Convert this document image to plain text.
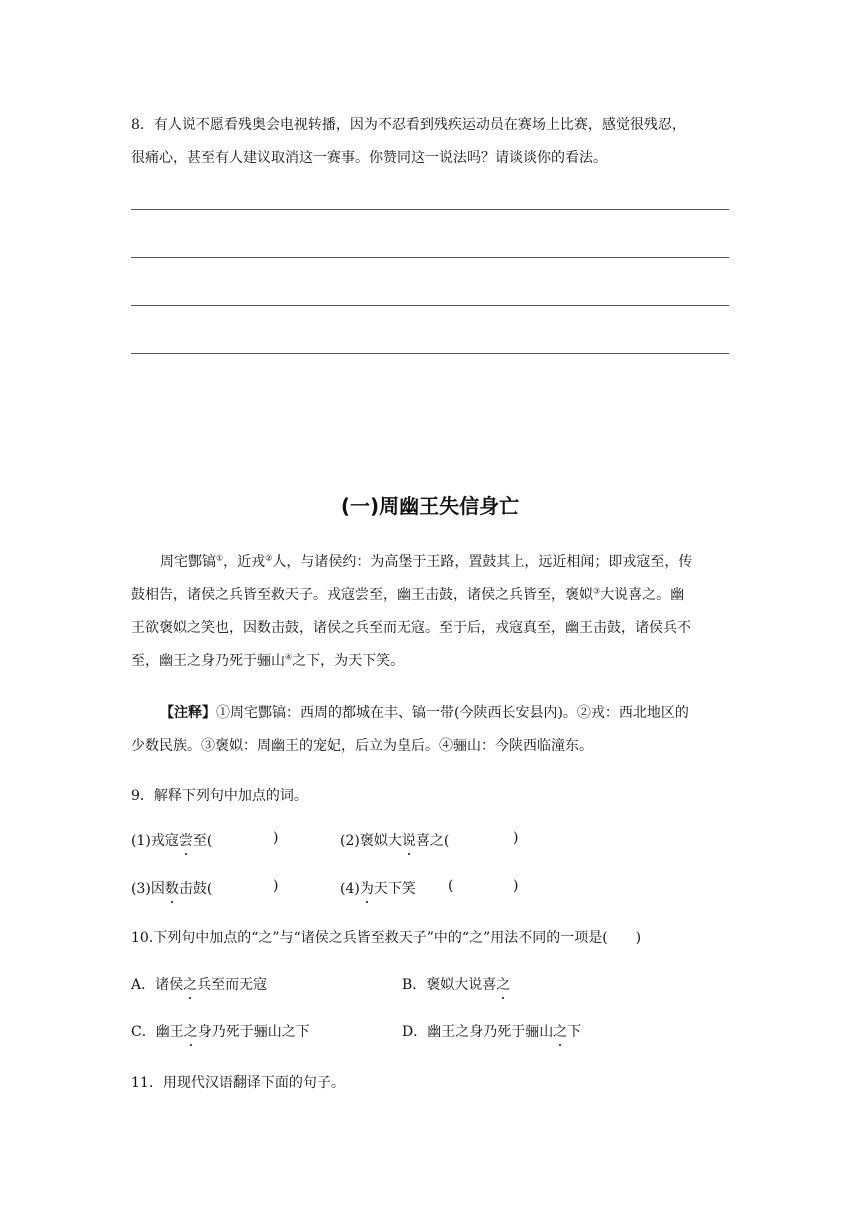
8．有人说不愿看残奥会电视转播，因为不忍看到残疾运动员在赛场上比赛，感觉很残忍，
很痛心，甚至有人建议取消这一赛事。你赞同这一说法吗？请谈谈你的看法。
(一)周幽王失信身亡
周宅酆镐①，近戎②人，与诸侯约：为高堡于王路，置鼓其上，远近相闻；即戎寇至，传
鼓相告，诸侯之兵皆至救天子。戎寇尝至，幽王击鼓，诸侯之兵皆至，褒姒③大说喜之。幽
王欲褒姒之笑也，因数击鼓，诸侯之兵至而无寇。至于后，戎寇真至，幽王击鼓，诸侯兵不
至，幽王之身乃死于骊山④之下，为天下笑。
【注释】①周宅酆镐：西周的都城在丰、镐一带(今陕西长安县内)。②戎：西北地区的
少数民族。③褒姒：周幽王的宠妃，后立为皇后。④骊山：今陕西临潼东。
9．解释下列句中加点的词。
(1)戎寇尝至(	)	(2)褒姒大说喜之(	)
(3)因数击鼓(	)	(4)为天下笑 (	)
10.下列句中加点的“之”与“诸侯之兵皆至救天子”中的“之”用法不同的一项是(　　)
A．诸侯之兵至而无寇	B．褒姒大说喜之
C．幽王之身乃死于骊山之下	D．幽王之身乃死于骊山之下
11．用现代汉语翻译下面的句子。
